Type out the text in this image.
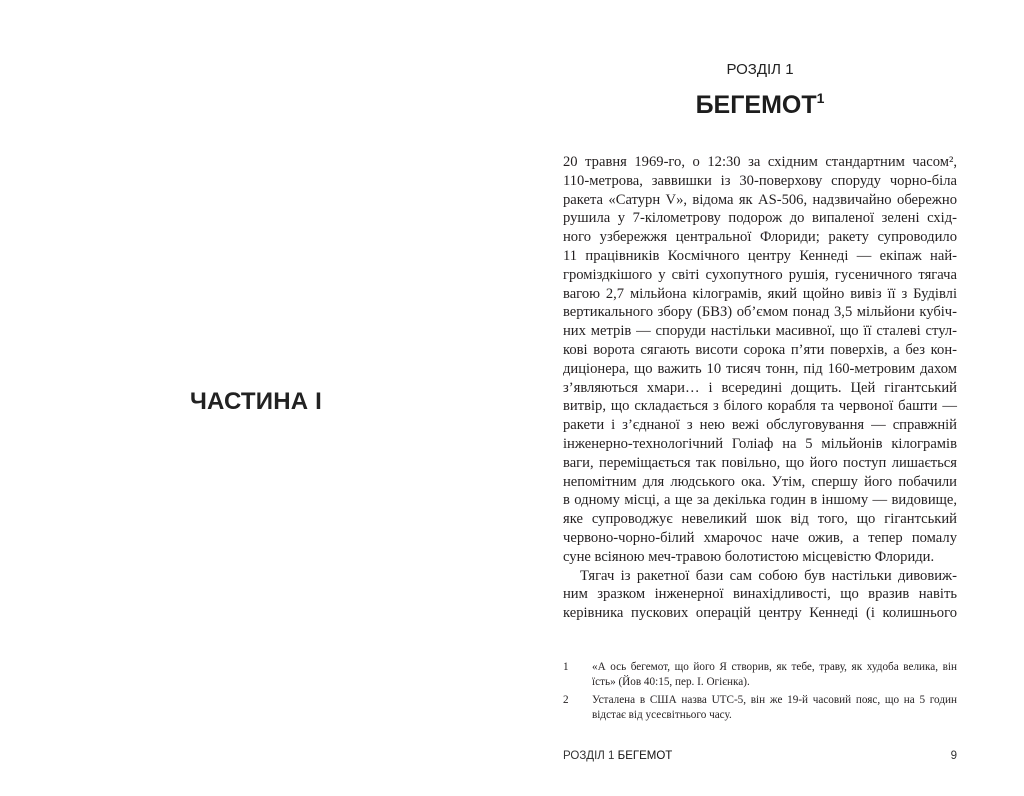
ЧАСТИНА І
РОЗДІЛ 1
БЕГЕМОТ$^1$
20 травня 1969-го, о 12:30 за східним стандартним часом²,
110-метрова, заввишки із 30-поверхову споруду чорно-біла
ракета «Сатурн V», відома як AS-506, надзвичайно обережно
рушила у 7-кілометрову подорож до випаленої зелені схід-
ного узбережжя центральної Флориди; ракету супроводило
11 працівників Космічного центру Кеннеді — екіпаж най-
громіздкішого у світі сухопутного рушія, гусеничного тягача
вагою 2,7 мільйона кілограмів, який щойно вивіз її з Будівлі
вертикального збору (БВЗ) об’ємом понад 3,5 мільйони кубіч-
них метрів — споруди настільки масивної, що її сталеві стул-
кові ворота сягають висоти сорока п’яти поверхів, а без кон-
диціонера, що важить 10 тисяч тонн, під 160-метровим дахом
з’являються хмари… і всередині дощить. Цей гігантський
витвір, що складається з білого корабля та червоної башти —
ракети і з’єднаної з нею вежі обслуговування — справжній
інженерно-технологічний Голіаф на 5 мільйонів кілограмів
ваги, переміщається так повільно, що його поступ лишається
непомітним для людського ока. Утім, спершу його побачили
в одному місці, а ще за декілька годин в іншому — видовище,
яке супроводжує невеликий шок від того, що гігантський
червоно-чорно-білий хмарочос наче ожив, а тепер помалу
суне всіяною меч-травою болотистою місцевістю Флориди.
Тягач із ракетної бази сам собою був настільки дивовиж-
ним зразком інженерної винахідливості, що вразив навіть
керівника пускових операцій центру Кеннеді (і колишнього
1	«А ось бегемот, що його Я створив, як тебе, траву, як худоба велика, він їсть» (Йов 40:15, пер. І. Огієнка).
2	Усталена в США назва UTC-5, він же 19-й часовий пояс, що на 5 годин відстає від усесвітнього часу.
РОЗДІЛ 1 БЕГЕМОТ	9
